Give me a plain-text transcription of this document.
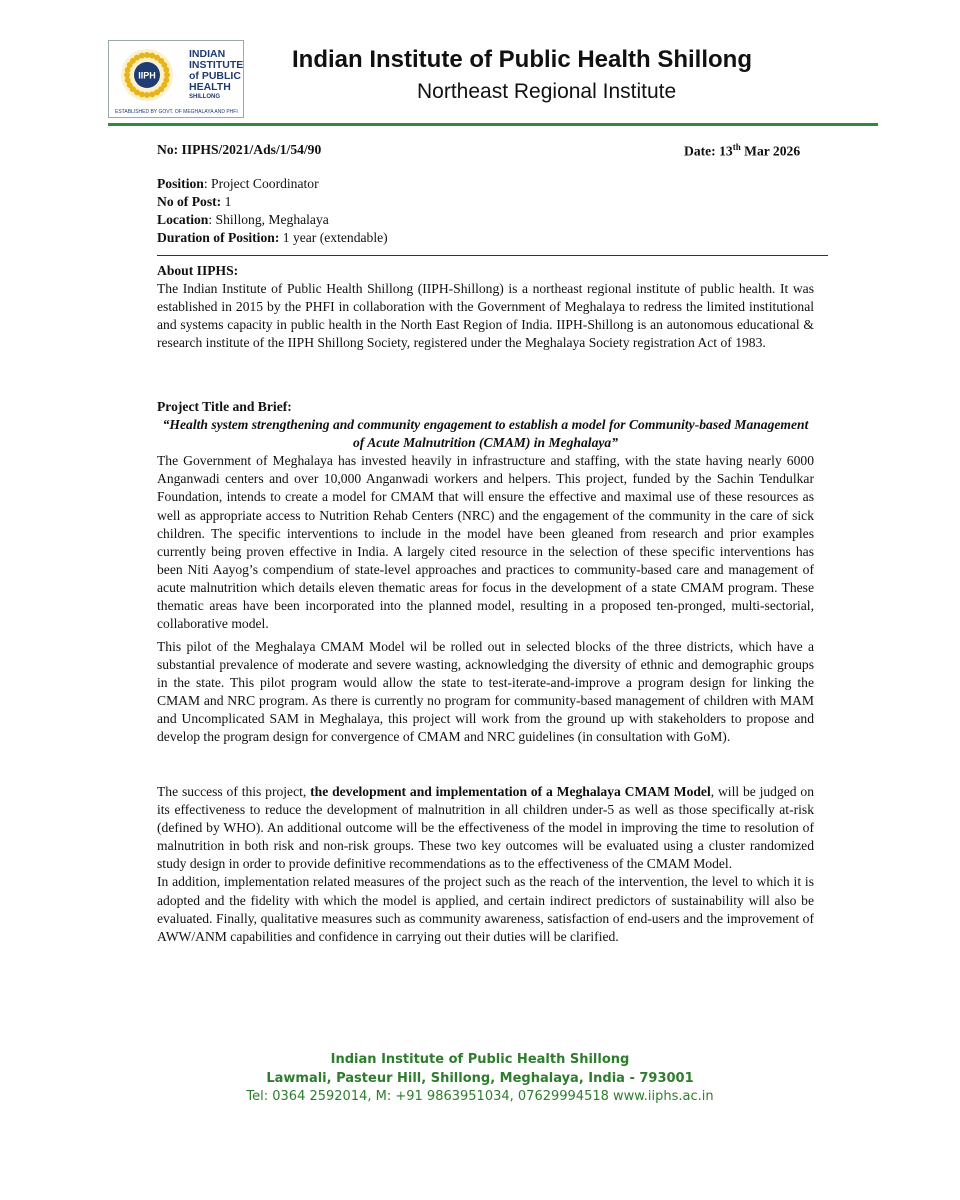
IIPH
INDIAN
INSTITUTE
of PUBLIC
HEALTH
SHILLONG
ESTABLISHED BY GOVT. OF MEGHALAYA AND PHFI
Indian Institute of Public Health Shillong
Northeast Regional Institute
No: IIPHS/2021/Ads/1/54/90	Date: 13th Mar 2026
Position: Project Coordinator
No of Post: 1
Location: Shillong, Meghalaya
Duration of Position: 1 year (extendable)
About IIPHS:
The Indian Institute of Public Health Shillong (IIPH-Shillong) is a northeast regional institute of public health. It was established in 2015 by the PHFI in collaboration with the Government of Meghalaya to redress the limited institutional and systems capacity in public health in the North East Region of India. IIPH-Shillong is an autonomous educational & research institute of the IIPH Shillong Society, registered under the Meghalaya Society registration Act of 1983.
Project Title and Brief:
“Health system strengthening and community engagement to establish a model for Community-based Management of Acute Malnutrition (CMAM) in Meghalaya”
The Government of Meghalaya has invested heavily in infrastructure and staffing, with the state having nearly 6000 Anganwadi centers and over 10,000 Anganwadi workers and helpers. This project, funded by the Sachin Tendulkar Foundation, intends to create a model for CMAM that will ensure the effective and maximal use of these resources as well as appropriate access to Nutrition Rehab Centers (NRC) and the engagement of the community in the care of sick children. The specific interventions to include in the model have been gleaned from research and prior examples currently being proven effective in India. A largely cited resource in the selection of these specific interventions has been Niti Aayog’s compendium of state-level approaches and practices to community-based care and management of acute malnutrition which details eleven thematic areas for focus in the development of a state CMAM program. These thematic areas have been incorporated into the planned model, resulting in a proposed ten-pronged, multi-sectorial, collaborative model.
This pilot of the Meghalaya CMAM Model wil be rolled out in selected blocks of the three districts, which have a substantial prevalence of moderate and severe wasting, acknowledging the diversity of ethnic and demographic groups in the state. This pilot program would allow the state to test-iterate-and-improve a program design for linking the CMAM and NRC program. As there is currently no program for community-based management of children with MAM and Uncomplicated SAM in Meghalaya, this project will work from the ground up with stakeholders to propose and develop the program design for convergence of CMAM and NRC guidelines (in consultation with GoM).
The success of this project, the development and implementation of a Meghalaya CMAM Model, will be judged on its effectiveness to reduce the development of malnutrition in all children under-5 as well as those specifically at-risk (defined by WHO). An additional outcome will be the effectiveness of the model in improving the time to resolution of malnutrition in both risk and non-risk groups. These two key outcomes will be evaluated using a cluster randomized study design in order to provide definitive recommendations as to the effectiveness of the CMAM Model.
In addition, implementation related measures of the project such as the reach of the intervention, the level to which it is adopted and the fidelity with which the model is applied, and certain indirect predictors of sustainability will also be evaluated. Finally, qualitative measures such as community awareness, satisfaction of end-users and the improvement of AWW/ANM capabilities and confidence in carrying out their duties will be clarified.
Indian Institute of Public Health Shillong
Lawmali, Pasteur Hill, Shillong, Meghalaya, India - 793001
Tel: 0364 2592014, M: +91 9863951034, 07629994518 www.iiphs.ac.in
